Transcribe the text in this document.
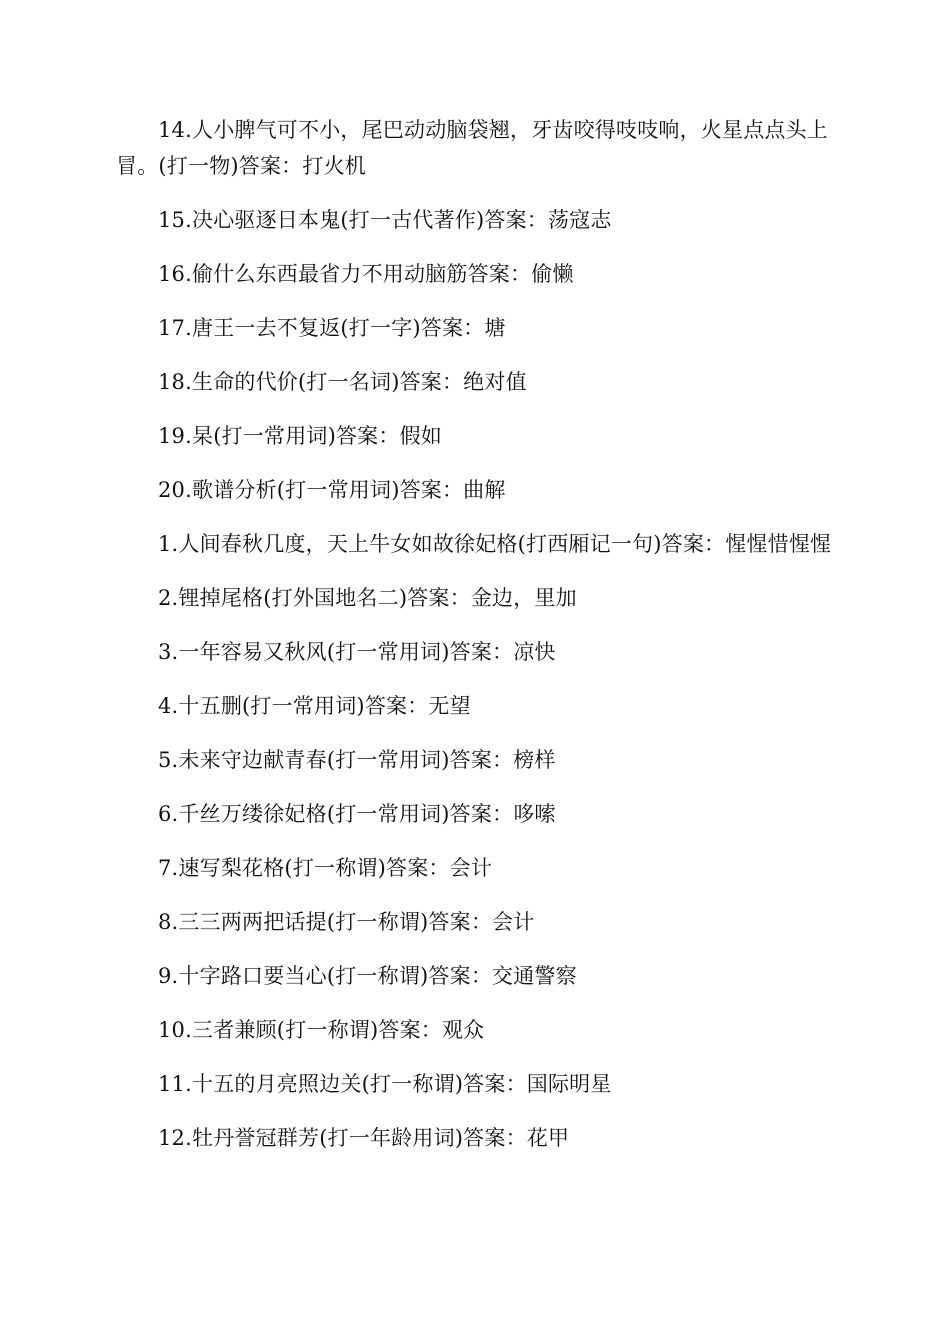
14.人小脾气可不小，尾巴动动脑袋翘，牙齿咬得吱吱响，火星点点头上冒。(打一物)答案：打火机

15.决心驱逐日本鬼(打一古代著作)答案：荡寇志

16.偷什么东西最省力不用动脑筋答案：偷懒

17.唐王一去不复返(打一字)答案：塘

18.生命的代价(打一名词)答案：绝对值

19.杲(打一常用词)答案：假如

20.歌谱分析(打一常用词)答案：曲解

1.人间春秋几度，天上牛女如故徐妃格(打西厢记一句)答案：惺惺惜惺惺

2.锂掉尾格(打外国地名二)答案：金边，里加

3.一年容易又秋风(打一常用词)答案：凉快

4.十五删(打一常用词)答案：无望

5.未来守边献青春(打一常用词)答案：榜样

6.千丝万缕徐妃格(打一常用词)答案：哆嗦

7.速写梨花格(打一称谓)答案：会计

8.三三两两把话提(打一称谓)答案：会计

9.十字路口要当心(打一称谓)答案：交通警察

10.三者兼顾(打一称谓)答案：观众

11.十五的月亮照边关(打一称谓)答案：国际明星

12.牡丹誉冠群芳(打一年龄用词)答案：花甲
